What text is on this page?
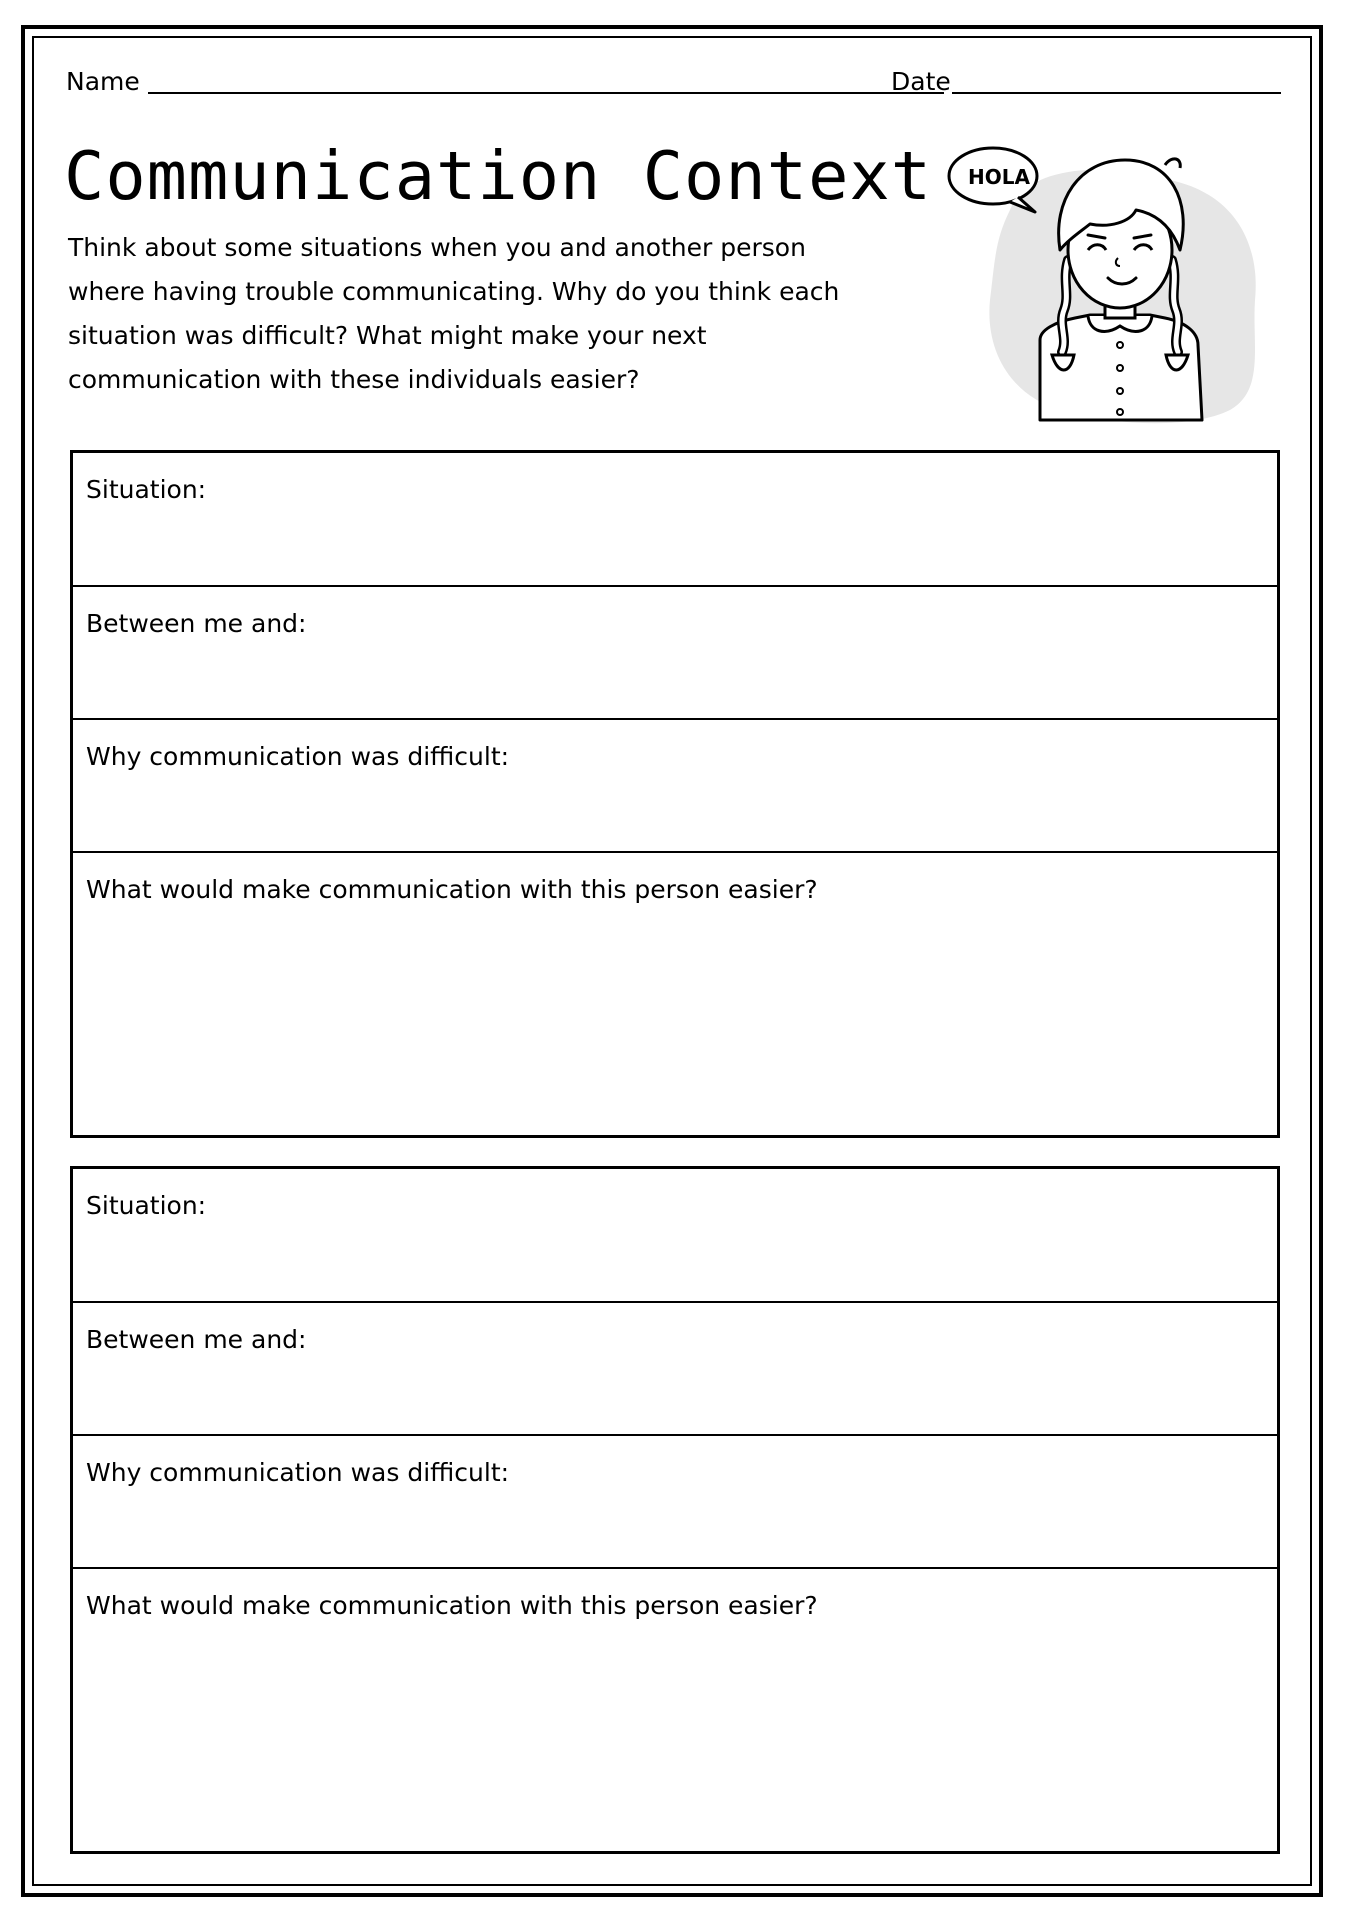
Name	Date
Communication Context
Think about some situations when you and another person
where having trouble communicating. Why do you think each
situation was difficult? What might make your next
communication with these individuals easier?
HOLA
Situation:
Between me and:
Why communication was difficult:
What would make communication with this person easier?
Situation:
Between me and:
Why communication was difficult:
What would make communication with this person easier?
